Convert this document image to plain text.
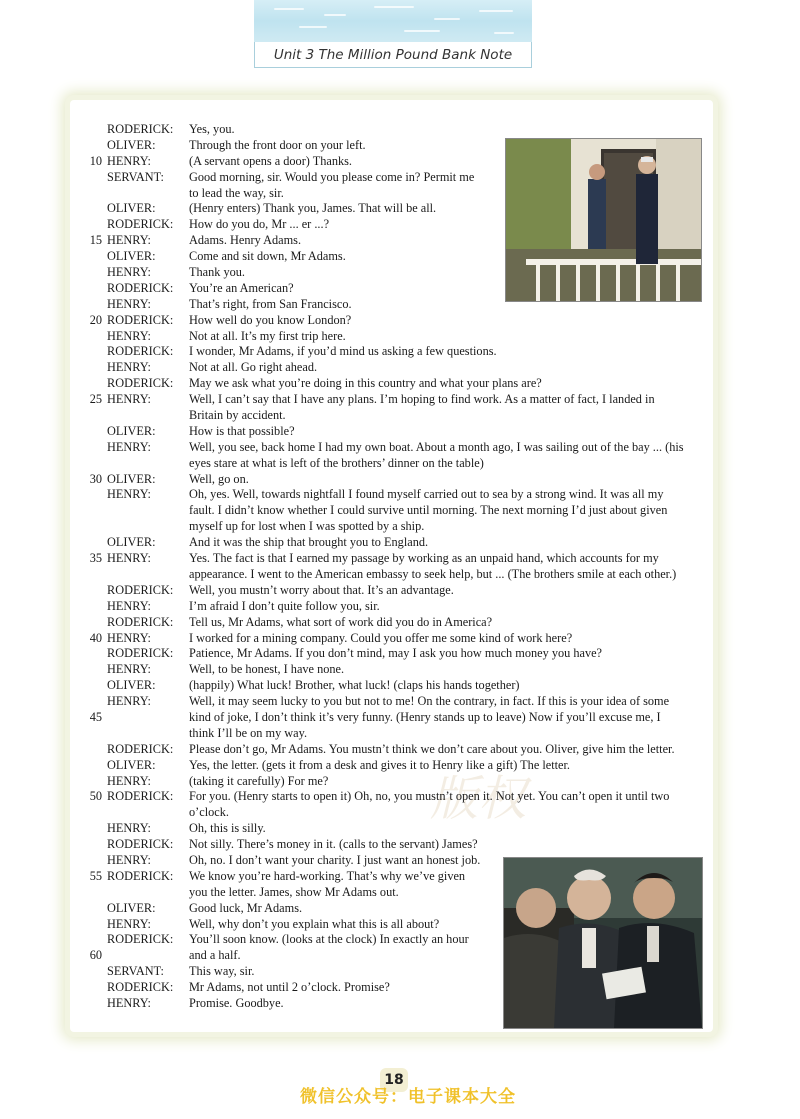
Unit 3 The Million Pound Bank Note
版权
RODERICK: Yes, you.
OLIVER:	Through the front door on your left.
10 HENRY:	(A servant opens a door) Thanks.
SERVANT: Good morning, sir. Would you please come in? Permit me
to lead the way, sir.
OLIVER:	(Henry enters) Thank you, James. That will be all.
RODERICK: How do you do, Mr ... er ...?
15 HENRY:	Adams. Henry Adams.
OLIVER:	Come and sit down, Mr Adams.
HENRY:	Thank you.
RODERICK: You’re an American?
HENRY:	That’s right, from San Francisco.
20 RODERICK: How well do you know London?
HENRY:	Not at all. It’s my first trip here.
RODERICK: I wonder, Mr Adams, if you’d mind us asking a few questions.
HENRY:	Not at all. Go right ahead.
RODERICK: May we ask what you’re doing in this country and what your plans are?
25 HENRY:	Well, I can’t say that I have any plans. I’m hoping to find work. As a matter of fact, I landed in
Britain by accident.
OLIVER:	How is that possible?
HENRY:	Well, you see, back home I had my own boat. About a month ago, I was sailing out of the bay ... (his
eyes stare at what is left of the brothers’ dinner on the table)
30 OLIVER:	Well, go on.
HENRY:	Oh, yes. Well, towards nightfall I found myself carried out to sea by a strong wind. It was all my
fault. I didn’t know whether I could survive until morning. The next morning I’d just about given
myself up for lost when I was spotted by a ship.
OLIVER:	And it was the ship that brought you to England.
35 HENRY:	Yes. The fact is that I earned my passage by working as an unpaid hand, which accounts for my
appearance. I went to the American embassy to seek help, but ... (The brothers smile at each other.)
RODERICK: Well, you mustn’t worry about that. It’s an advantage.
HENRY:	I’m afraid I don’t quite follow you, sir.
RODERICK: Tell us, Mr Adams, what sort of work did you do in America?
40 HENRY:	I worked for a mining company. Could you offer me some kind of work here?
RODERICK: Patience, Mr Adams. If you don’t mind, may I ask you how much money you have?
HENRY:	Well, to be honest, I have none.
OLIVER:	(happily) What luck! Brother, what luck! (claps his hands together)
HENRY:	Well, it may seem lucky to you but not to me! On the contrary, in fact. If this is your idea of some
45	kind of joke, I don’t think it’s very funny. (Henry stands up to leave) Now if you’ll excuse me, I
think I’ll be on my way.
RODERICK: Please don’t go, Mr Adams. You mustn’t think we don’t care about you. Oliver, give him the letter.
OLIVER:	Yes, the letter. (gets it from a desk and gives it to Henry like a gift) The letter.
HENRY:	(taking it carefully) For me?
50 RODERICK: For you. (Henry starts to open it) Oh, no, you mustn’t open it. Not yet. You can’t open it until two
o’clock.
HENRY:	Oh, this is silly.
RODERICK: Not silly. There’s money in it. (calls to the servant) James?
HENRY:	Oh, no. I don’t want your charity. I just want an honest job.
55 RODERICK: We know you’re hard-working. That’s why we’ve given
you the letter. James, show Mr Adams out.
OLIVER:	Good luck, Mr Adams.
HENRY:	Well, why don’t you explain what this is all about?
RODERICK: You’ll soon know. (looks at the clock) In exactly an hour
60	and a half.
SERVANT: This way, sir.
RODERICK: Mr Adams, not until 2 o’clock. Promise?
HENRY:	Promise. Goodbye.
18
微信公众号：电子课本大全
